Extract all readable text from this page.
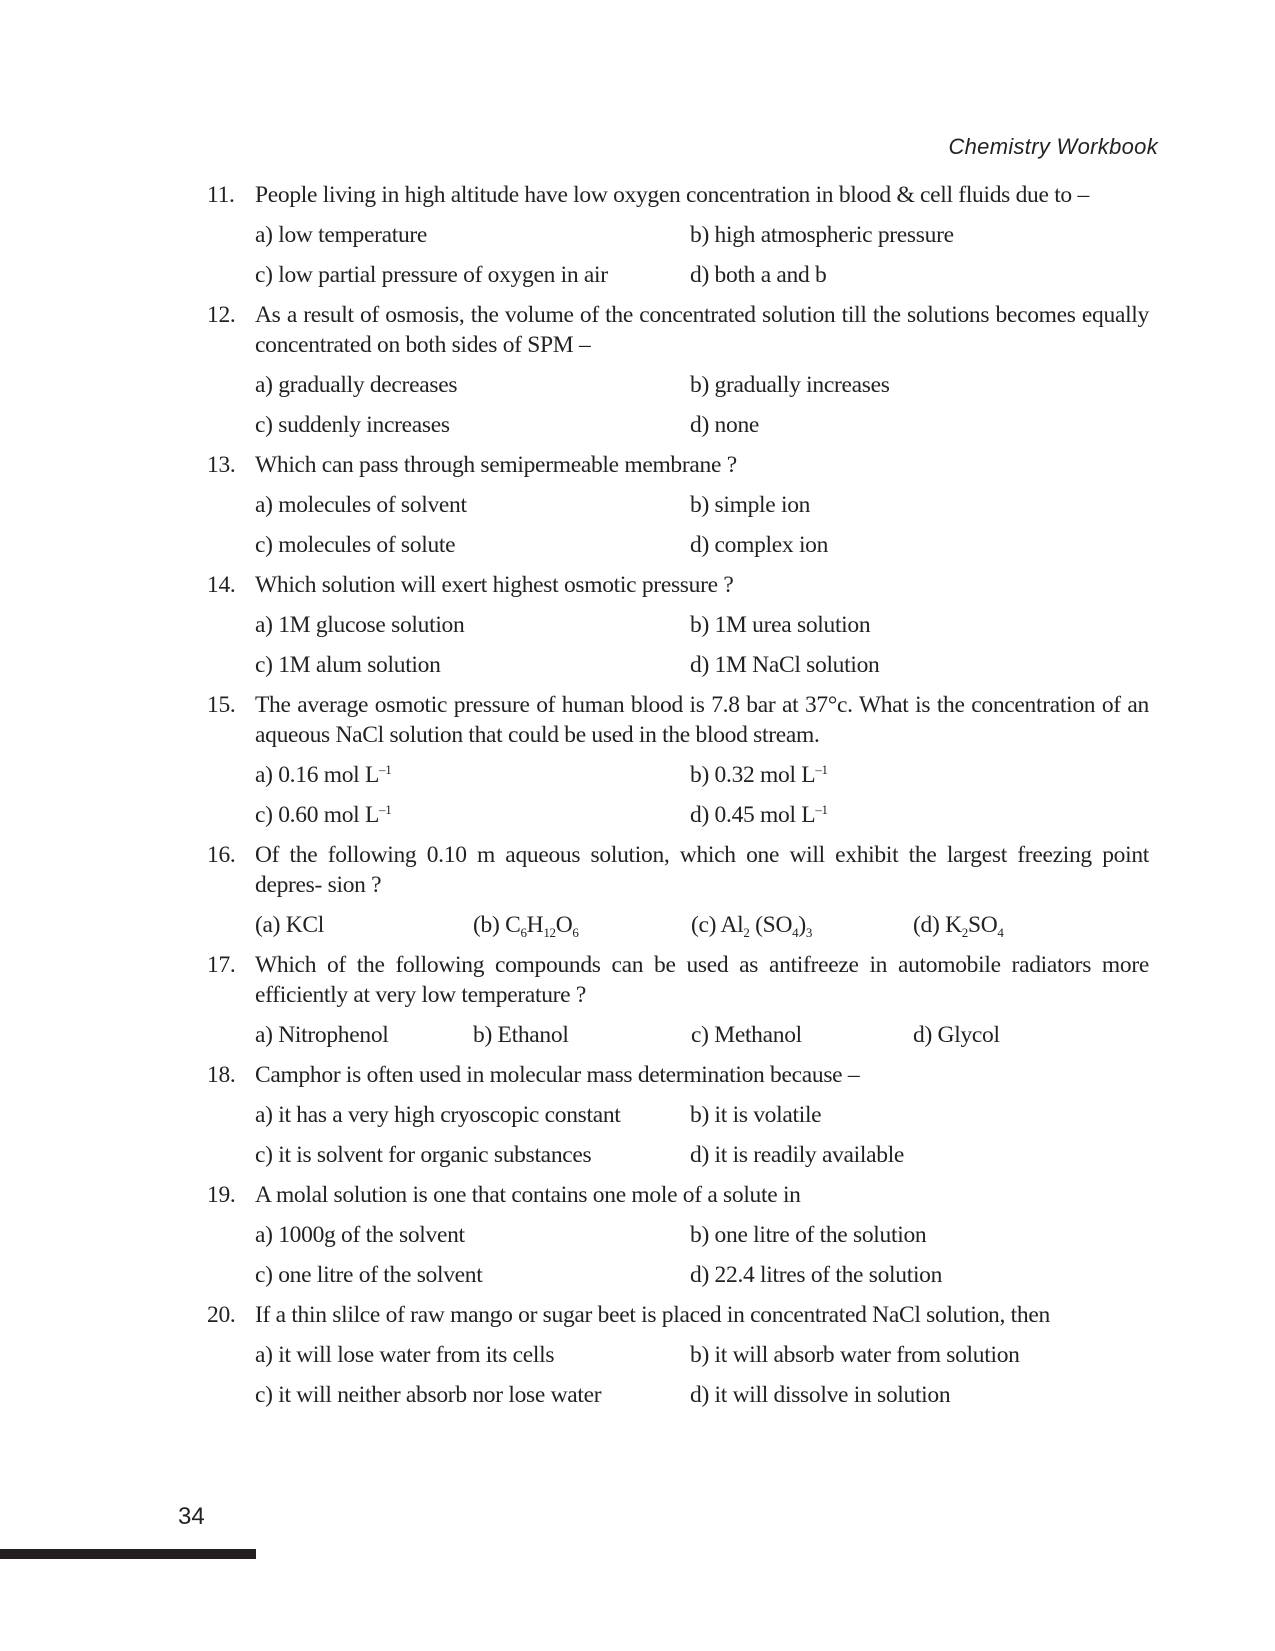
Chemistry Workbook
11. People living in high altitude have low oxygen concentration in blood & cell fluids due to –
a) low temperature	b) high atmospheric pressure
c) low partial pressure of oxygen in air	d) both a and b
12. As a result of osmosis, the volume of the concentrated solution till the solutions becomes equally concentrated on both sides of SPM –
a) gradually decreases	b) gradually increases
c) suddenly increases	d) none
13. Which can pass through semipermeable membrane ?
a) molecules of solvent	b) simple ion
c) molecules of solute	d) complex ion
14. Which solution will exert highest osmotic pressure ?
a) 1M glucose solution	b) 1M urea solution
c) 1M alum solution	d) 1M NaCl solution
15. The average osmotic pressure of human blood is 7.8 bar at 37°c. What is the concentration of an aqueous NaCl solution that could be used in the blood stream.
a) 0.16 mol $L^{-1}$	b) 0.32 mol $L^{-1}$
c) 0.60 mol $L^{-1}$	d) 0.45 mol $L^{-1}$
16. Of the following 0.10 m aqueous solution, which one will exhibit the largest freezing point depres- sion ?
(a) KCl	(b) $C_6H_{12}O_6$	(c) $Al_2$ $(SO_4)_3$	(d) $K_2SO_4$
17. Which of the following compounds can be used as antifreeze in automobile radiators more efficiently at very low temperature ?
a) Nitrophenol	b) Ethanol	c) Methanol	d) Glycol
18. Camphor is often used in molecular mass determination because –
a) it has a very high cryoscopic constant	b) it is volatile
c) it is solvent for organic substances	d) it is readily available
19. A molal solution is one that contains one mole of a solute in
a) 1000g of the solvent	b) one litre of the solution
c) one litre of the solvent	d) 22.4 litres of the solution
20. If a thin slilce of raw mango or sugar beet is placed in concentrated NaCl solution, then
a) it will lose water from its cells	b) it will absorb water from solution
c) it will neither absorb nor lose water	d) it will dissolve in solution
34
